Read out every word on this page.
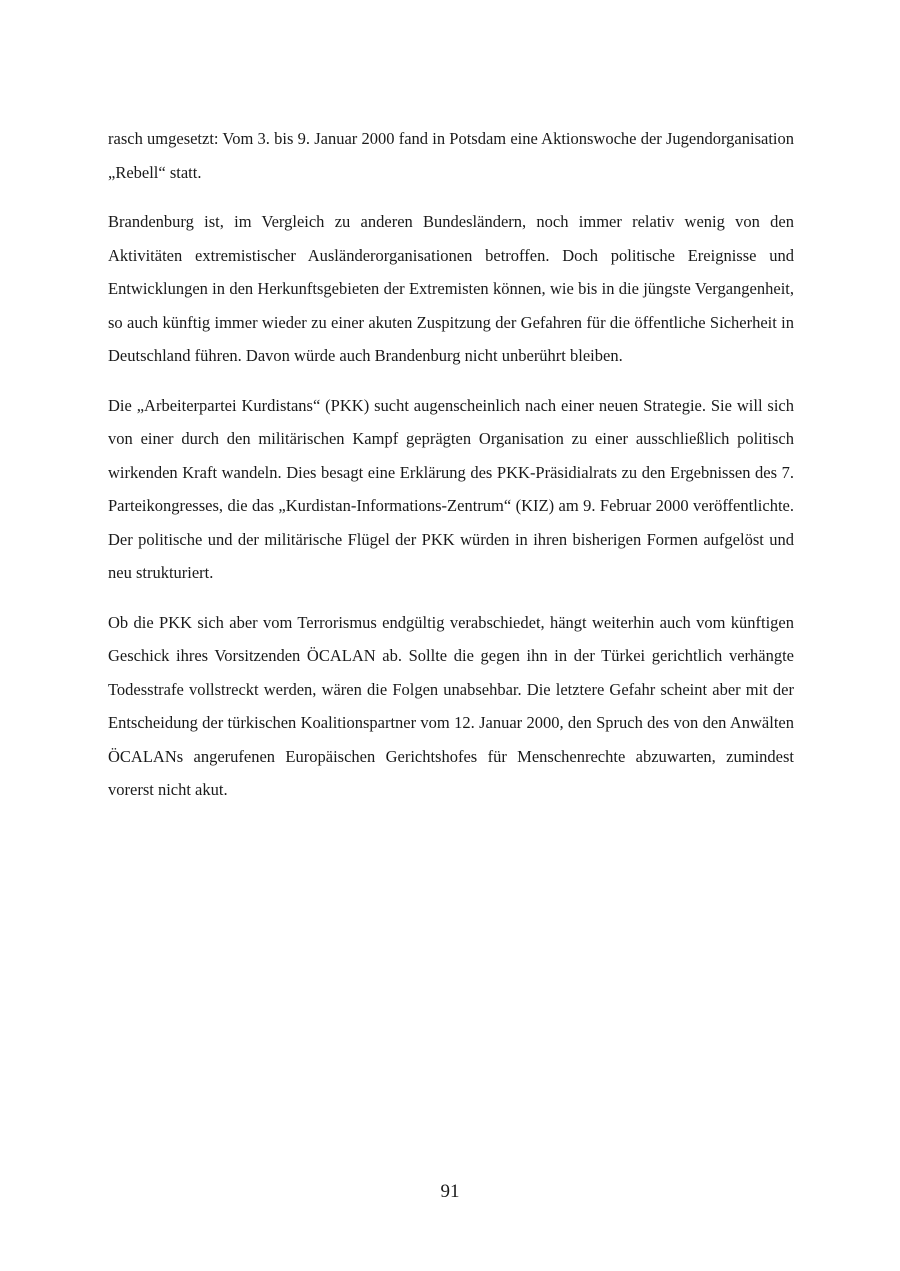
rasch umgesetzt: Vom 3. bis 9. Januar 2000 fand in Potsdam eine Aktionswoche der Jugendorganisation „Rebell“ statt.

Brandenburg ist, im Vergleich zu anderen Bundesländern, noch immer relativ wenig von den Aktivitäten extremistischer Ausländerorganisationen betroffen. Doch politische Ereignisse und Entwicklungen in den Herkunftsgebieten der Extremisten können, wie bis in die jüngste Vergangenheit, so auch künftig immer wieder zu einer akuten Zuspitzung der Gefahren für die öffentliche Sicherheit in Deutschland führen. Davon würde auch Brandenburg nicht unberührt bleiben.

Die „Arbeiterpartei Kurdistans“ (PKK) sucht augenscheinlich nach einer neuen Strategie. Sie will sich von einer durch den militärischen Kampf geprägten Organisation zu einer ausschließlich politisch wirkenden Kraft wandeln. Dies besagt eine Erklärung des PKK-Präsidialrats zu den Ergebnissen des 7. Parteikongresses, die das „Kurdistan-Informations-Zentrum“ (KIZ) am 9. Februar 2000 veröffentlichte. Der politische und der militärische Flügel der PKK würden in ihren bisherigen Formen aufgelöst und neu strukturiert.

Ob die PKK sich aber vom Terrorismus endgültig verabschiedet, hängt weiterhin auch vom künftigen Geschick ihres Vorsitzenden ÖCALAN ab. Sollte die gegen ihn in der Türkei gerichtlich verhängte Todesstrafe vollstreckt werden, wären die Folgen unabsehbar. Die letztere Gefahr scheint aber mit der Entscheidung der türkischen Koalitionspartner vom 12. Januar 2000, den Spruch des von den Anwälten ÖCALANs angerufenen Europäischen Gerichtshofes für Menschenrechte abzuwarten, zumindest vorerst nicht akut.

91
